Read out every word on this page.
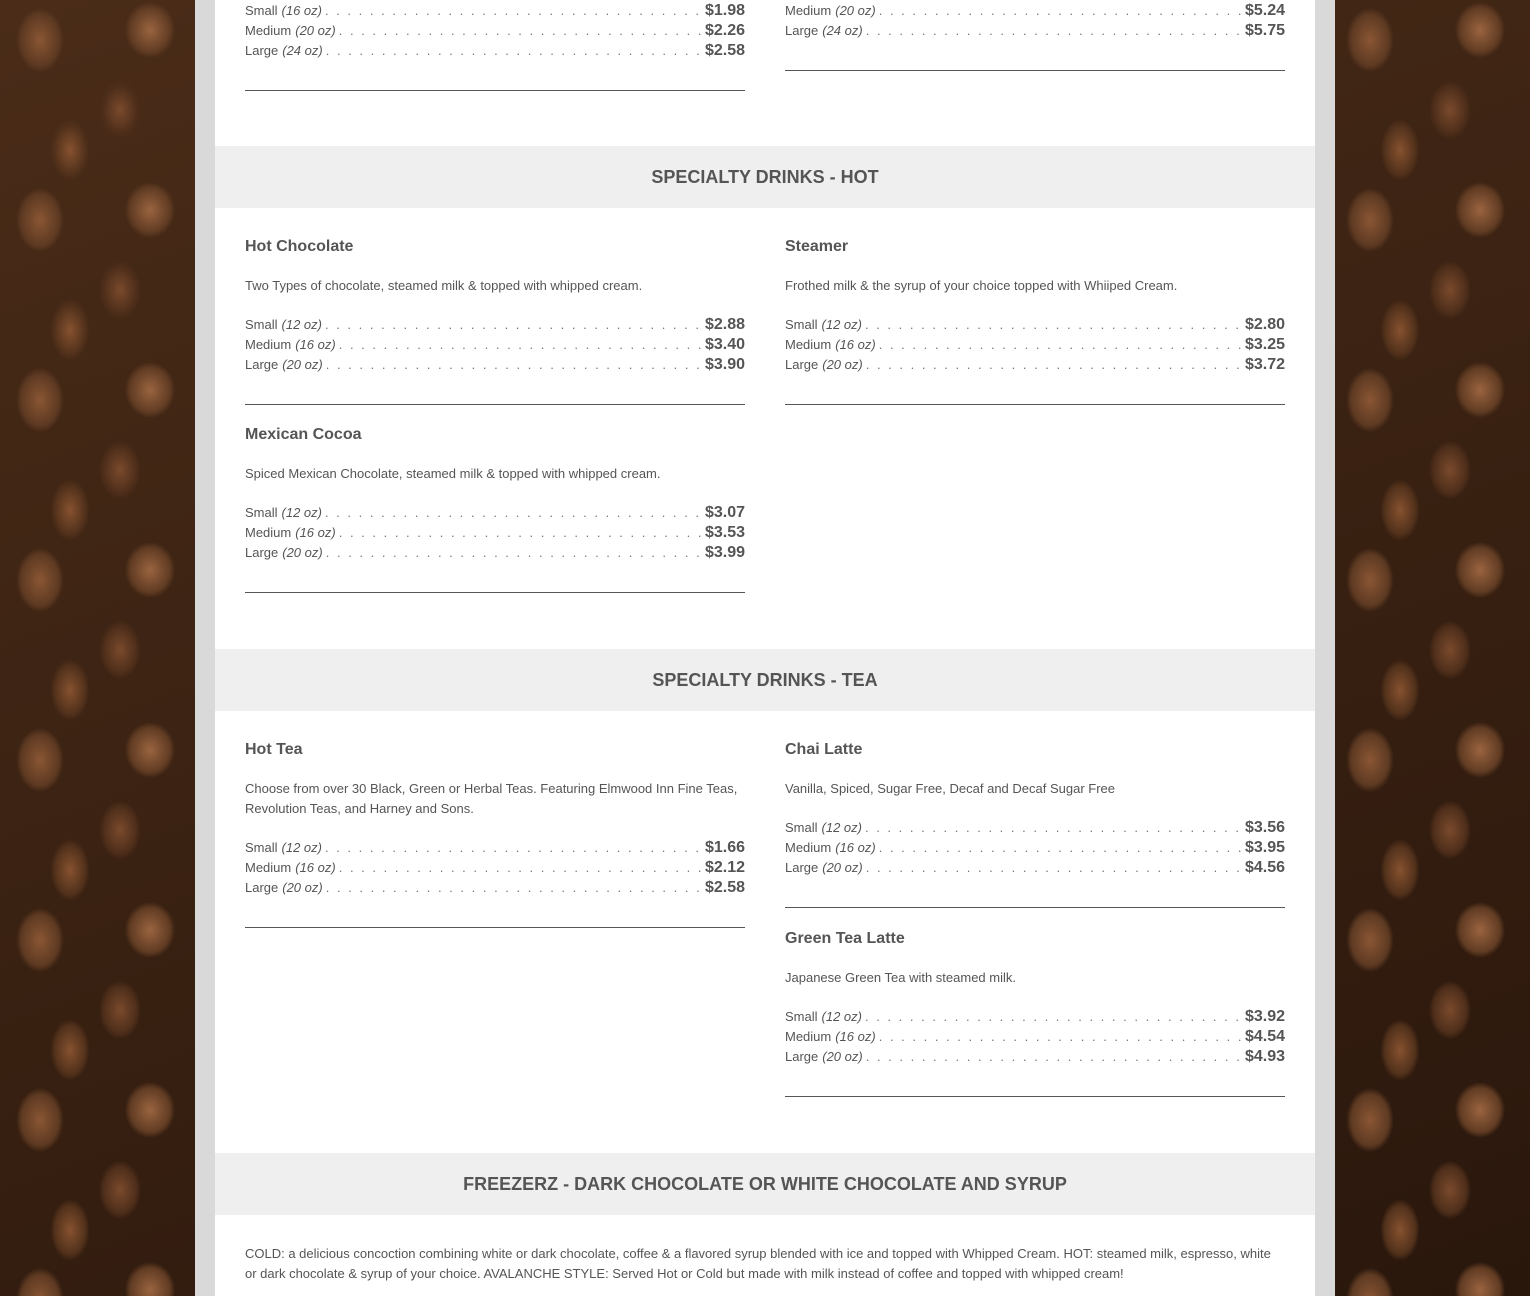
Small (16 oz) . . .	$1.98
Medium (20 oz) . . .	$2.26
Large (24 oz) . . .	$2.58
Medium (20 oz) . . .	$5.24
Large (24 oz) . . .	$5.75
SPECIALTY DRINKS - HOT
Hot Chocolate
Two Types of chocolate, steamed milk & topped with whipped cream.
Small (12 oz) . . .	$2.88
Medium (16 oz) . . .	$3.40
Large (20 oz) . . .	$3.90
Steamer
Frothed milk & the syrup of your choice topped with Whiiped Cream.
Small (12 oz) . . .	$2.80
Medium (16 oz) . . .	$3.25
Large (20 oz) . . .	$3.72
Mexican Cocoa
Spiced Mexican Chocolate, steamed milk & topped with whipped cream.
Small (12 oz) . . .	$3.07
Medium (16 oz) . . .	$3.53
Large (20 oz) . . .	$3.99
SPECIALTY DRINKS - TEA
Hot Tea
Choose from over 30 Black, Green or Herbal Teas. Featuring Elmwood Inn Fine Teas, Revolution Teas, and Harney and Sons.
Small (12 oz) . . .	$1.66
Medium (16 oz) . . .	$2.12
Large (20 oz) . . .	$2.58
Chai Latte
Vanilla, Spiced, Sugar Free, Decaf and Decaf Sugar Free
Small (12 oz) . . .	$3.56
Medium (16 oz) . . .	$3.95
Large (20 oz) . . .	$4.56
Green Tea Latte
Japanese Green Tea with steamed milk.
Small (12 oz) . . .	$3.92
Medium (16 oz) . . .	$4.54
Large (20 oz) . . .	$4.93
FREEZERZ - DARK CHOCOLATE OR WHITE CHOCOLATE AND SYRUP
COLD: a delicious concoction combining white or dark chocolate, coffee & a flavored syrup blended with ice and topped with Whipped Cream. HOT: steamed milk, espresso, white or dark chocolate & syrup of your choice. AVALANCHE STYLE: Served Hot or Cold but made with milk instead of coffee and topped with whipped cream!
